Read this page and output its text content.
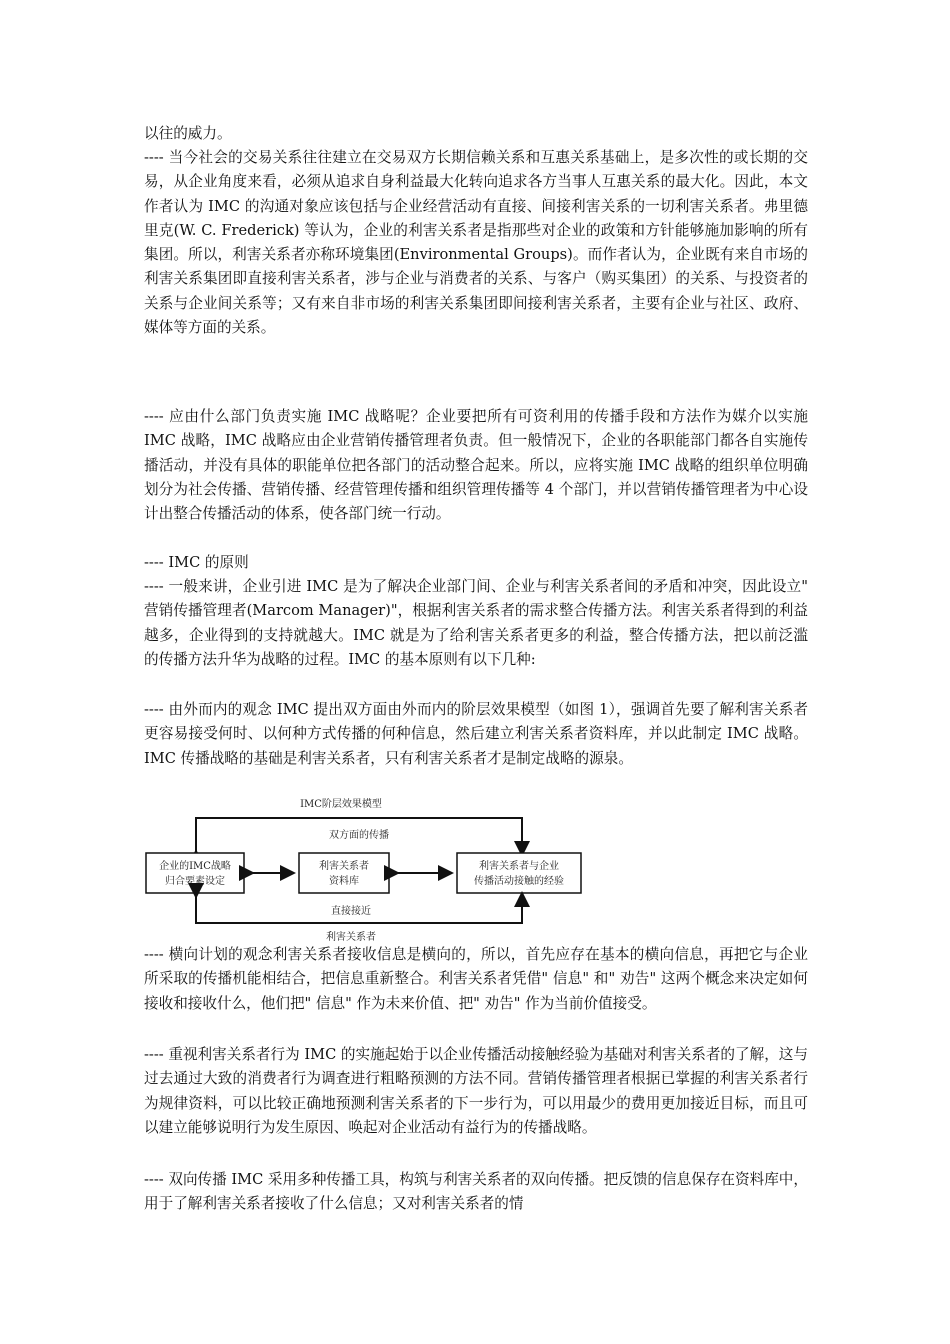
以往的威力。

---- 当今社会的交易关系往往建立在交易双方长期信赖关系和互惠关系基础上，是多次性的或长期的交易，从企业角度来看，必须从追求自身利益最大化转向追求各方当事人互惠关系的最大化。因此，本文作者认为 IMC 的沟通对象应该包括与企业经营活动有直接、间接利害关系的一切利害关系者。弗里德里克(W. C. Frederick) 等认为，企业的利害关系者是指那些对企业的政策和方针能够施加影响的所有集团。所以，利害关系者亦称环境集团(Environmental Groups)。而作者认为，企业既有来自市场的利害关系集团即直接利害关系者，涉与企业与消费者的关系、与客户（购买集团）的关系、与投资者的关系与企业间关系等；又有来自非市场的利害关系集团即间接利害关系者，主要有企业与社区、政府、媒体等方面的关系。

---- 应由什么部门负责实施 IMC 战略呢？企业要把所有可资利用的传播手段和方法作为媒介以实施 IMC 战略，IMC 战略应由企业营销传播管理者负责。但一般情况下，企业的各职能部门都各自实施传播活动，并没有具体的职能单位把各部门的活动整合起来。所以，应将实施 IMC 战略的组织单位明确划分为社会传播、营销传播、经营管理传播和组织管理传播等 4 个部门，并以营销传播管理者为中心设计出整合传播活动的体系，使各部门统一行动。

---- IMC 的原则

---- 一般来讲，企业引进 IMC 是为了解决企业部门间、企业与利害关系者间的矛盾和冲突，因此设立" 营销传播管理者(Marcom Manager)"，根据利害关系者的需求整合传播方法。利害关系者得到的利益越多，企业得到的支持就越大。IMC 就是为了给利害关系者更多的利益，整合传播方法，把以前泛滥的传播方法升华为战略的过程。IMC 的基本原则有以下几种:

---- 由外而内的观念 IMC 提出双方面由外而内的阶层效果模型（如图 1），强调首先要了解利害关系者更容易接受何时、以何种方式传播的何种信息，然后建立利害关系者资料库，并以此制定 IMC 战略。IMC 传播战略的基础是利害关系者，只有利害关系者才是制定战略的源泉。

IMC阶层效果模型
双方面的传播
企业的IMC战略
归合要素设定
利害关系者
资料库
利害关系者与企业
传播活动接触的经验
直接接近
利害关系者

---- 横向计划的观念利害关系者接收信息是横向的，所以，首先应存在基本的横向信息，再把它与企业所采取的传播机能相结合，把信息重新整合。利害关系者凭借" 信息" 和" 劝告" 这两个概念来决定如何接收和接收什么，他们把" 信息" 作为未来价值、把" 劝告" 作为当前价值接受。

---- 重视利害关系者行为 IMC 的实施起始于以企业传播活动接触经验为基础对利害关系者的了解，这与过去通过大致的消费者行为调查进行粗略预测的方法不同。营销传播管理者根据已掌握的利害关系者行为规律资料，可以比较正确地预测利害关系者的下一步行为，可以用最少的费用更加接近目标，而且可以建立能够说明行为发生原因、唤起对企业活动有益行为的传播战略。

---- 双向传播 IMC 采用多种传播工具，构筑与利害关系者的双向传播。把反馈的信息保存在资料库中，用于了解利害关系者接收了什么信息；又对利害关系者的情
